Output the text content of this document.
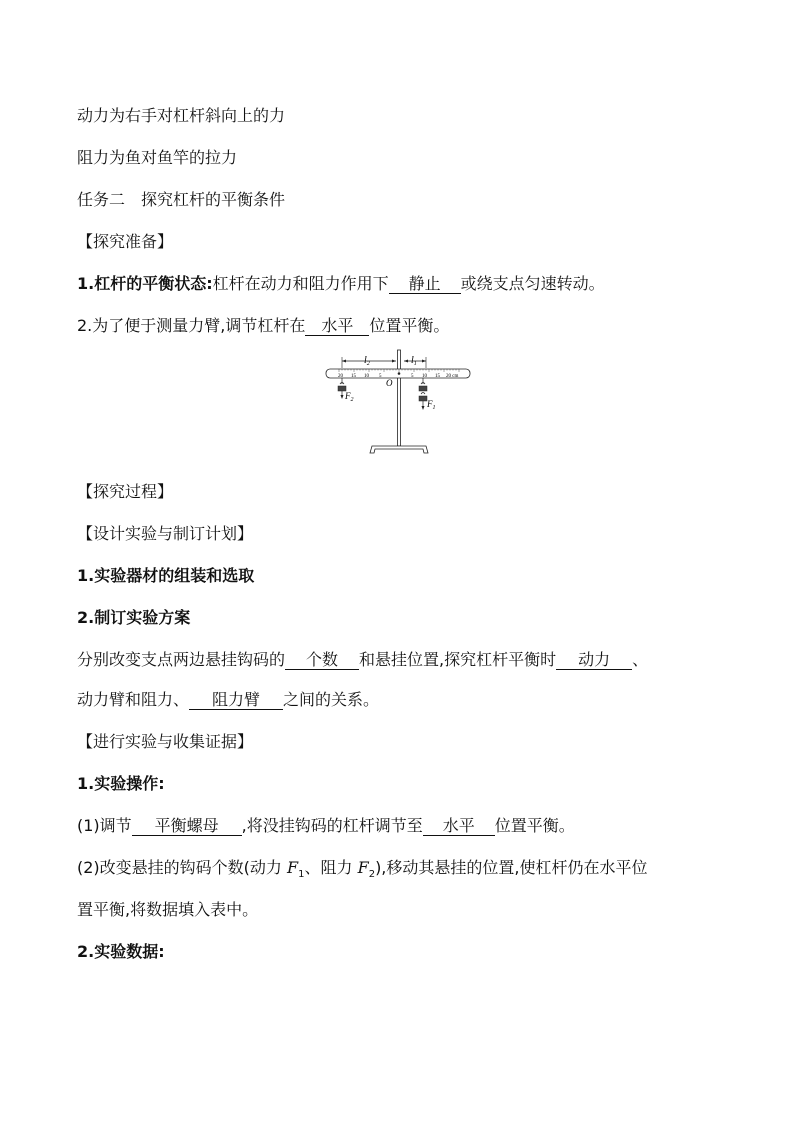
动力为右手对杠杆斜向上的力
阻力为鱼对鱼竿的拉力
任务二　探究杠杆的平衡条件
【探究准备】
1.杠杆的平衡状态:杠杆在动力和阻力作用下 静止 或绕支点匀速转动。
2.为了便于测量力臂,调节杠杆在 水平 位置平衡。
$l_2$	$l_1$
20 15 10 5	5 10 15 20 cm
O
$F_2$	$F_1$
【探究过程】
【设计实验与制订计划】
1.实验器材的组装和选取
2.制订实验方案
分别改变支点两边悬挂钩码的 个数 和悬挂位置,探究杠杆平衡时 动力 、
动力臂和阻力、 阻力臂 之间的关系。
【进行实验与收集证据】
1.实验操作:
(1)调节 平衡螺母 ,将没挂钩码的杠杆调节至 水平 位置平衡。
(2)改变悬挂的钩码个数(动力 $F_1$、阻力 $F_2$),移动其悬挂的位置,使杠杆仍在水平位
置平衡,将数据填入表中。
2.实验数据:
